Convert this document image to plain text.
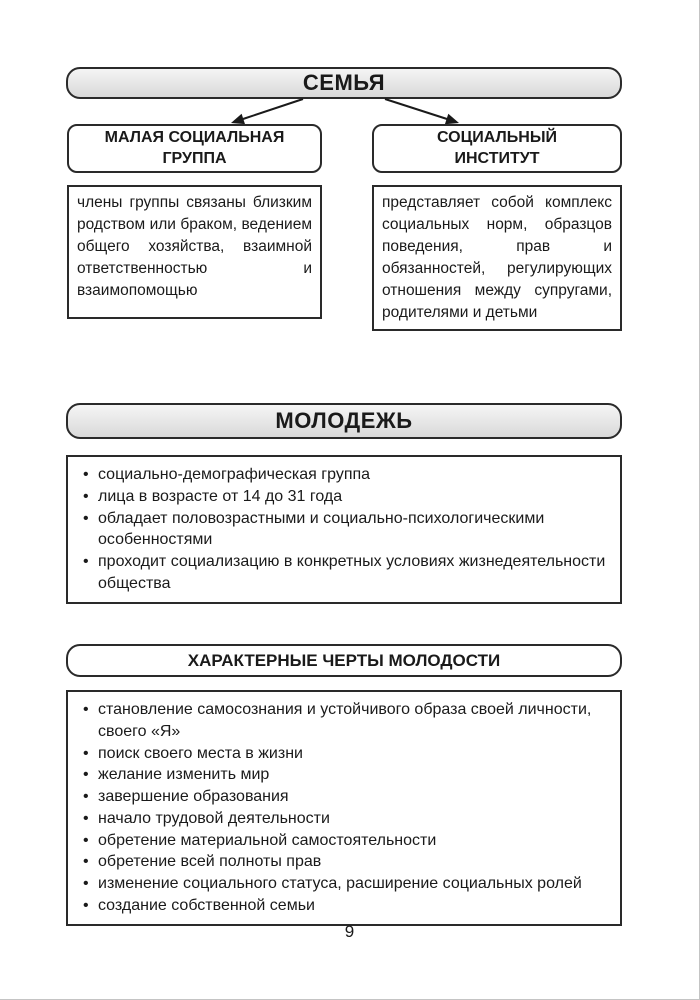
СЕМЬЯ
МАЛАЯ СОЦИАЛЬНАЯ ГРУППА
СОЦИАЛЬНЫЙ ИНСТИТУТ
члены группы связаны близким родством или браком, ведением общего хозяйства, взаимной ответственностью и взаимопомощью
представляет собой комплекс социальных норм, образцов поведения, прав и обязанностей, регулирующих отношения между супругами, родителями и детьми
МОЛОДЕЖЬ
• социально-демографическая группа
• лица в возрасте от 14 до 31 года
• обладает половозрастными и социально-психологическими особенностями
• проходит социализацию в конкретных условиях жизнедеятельности общества
ХАРАКТЕРНЫЕ ЧЕРТЫ МОЛОДОСТИ
• становление самосознания и устойчивого образа своей личности, своего «Я»
• поиск своего места в жизни
• желание изменить мир
• завершение образования
• начало трудовой деятельности
• обретение материальной самостоятельности
• обретение всей полноты прав
• изменение социального статуса, расширение социальных ролей
• создание собственной семьи
9
